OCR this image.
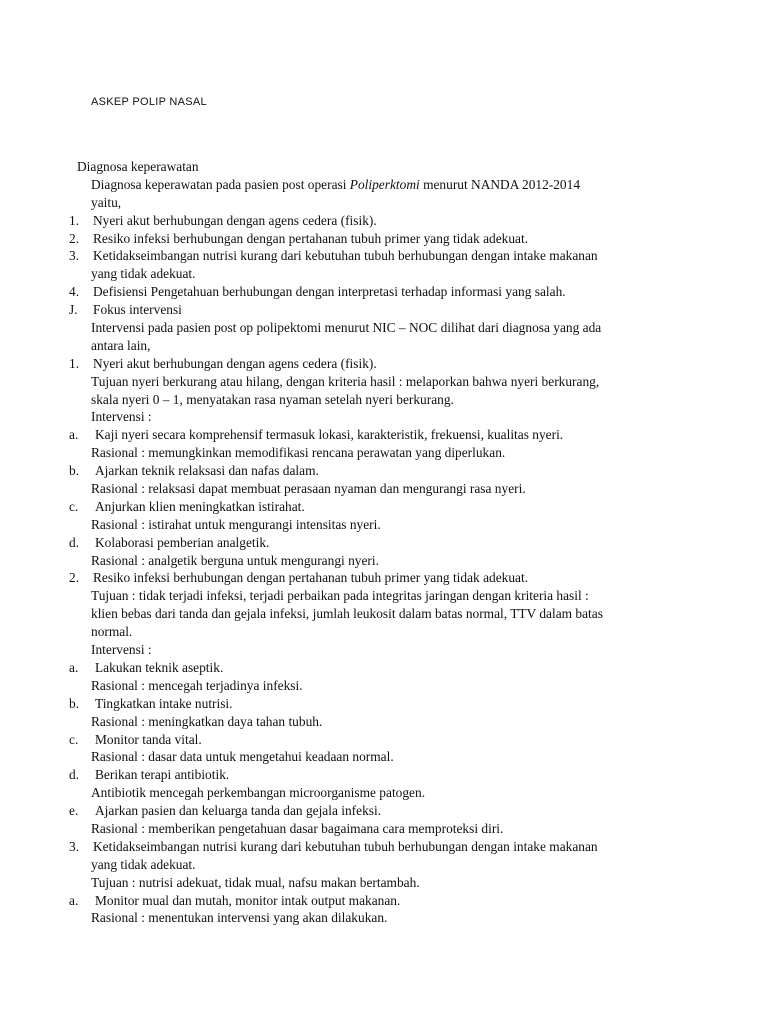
ASKEP POLIP NASAL
Diagnosa keperawatan
Diagnosa keperawatan pada pasien post operasi Poliperktomi menurut NANDA 2012-2014
yaitu,
1. Nyeri akut berhubungan dengan agens cedera (fisik).
2. Resiko infeksi berhubungan dengan pertahanan tubuh primer yang tidak adekuat.
3. Ketidakseimbangan nutrisi kurang dari kebutuhan tubuh berhubungan dengan intake makanan
yang tidak adekuat.
4. Defisiensi Pengetahuan berhubungan dengan interpretasi terhadap informasi yang salah.
J. Fokus intervensi
Intervensi pada pasien post op polipektomi menurut NIC – NOC dilihat dari diagnosa yang ada
antara lain,
1. Nyeri akut berhubungan dengan agens cedera (fisik).
Tujuan nyeri berkurang atau hilang, dengan kriteria hasil : melaporkan bahwa nyeri berkurang,
skala nyeri 0 – 1, menyatakan rasa nyaman setelah nyeri berkurang.
Intervensi :
a. Kaji nyeri secara komprehensif termasuk lokasi, karakteristik, frekuensi, kualitas nyeri.
Rasional : memungkinkan memodifikasi rencana perawatan yang diperlukan.
b. Ajarkan teknik relaksasi dan nafas dalam.
Rasional : relaksasi dapat membuat perasaan nyaman dan mengurangi rasa nyeri.
c. Anjurkan klien meningkatkan istirahat.
Rasional : istirahat untuk mengurangi intensitas nyeri.
d. Kolaborasi pemberian analgetik.
Rasional : analgetik berguna untuk mengurangi nyeri.
2. Resiko infeksi berhubungan dengan pertahanan tubuh primer yang tidak adekuat.
Tujuan : tidak terjadi infeksi, terjadi perbaikan pada integritas jaringan dengan kriteria hasil :
klien bebas dari tanda dan gejala infeksi, jumlah leukosit dalam batas normal, TTV dalam batas
normal.
Intervensi :
a. Lakukan teknik aseptik.
Rasional : mencegah terjadinya infeksi.
b. Tingkatkan intake nutrisi.
Rasional : meningkatkan daya tahan tubuh.
c. Monitor tanda vital.
Rasional : dasar data untuk mengetahui keadaan normal.
d. Berikan terapi antibiotik.
Antibiotik mencegah perkembangan microorganisme patogen.
e. Ajarkan pasien dan keluarga tanda dan gejala infeksi.
Rasional : memberikan pengetahuan dasar bagaimana cara memproteksi diri.
3. Ketidakseimbangan nutrisi kurang dari kebutuhan tubuh berhubungan dengan intake makanan
yang tidak adekuat.
Tujuan : nutrisi adekuat, tidak mual, nafsu makan bertambah.
a. Monitor mual dan mutah, monitor intak output makanan.
Rasional : menentukan intervensi yang akan dilakukan.
